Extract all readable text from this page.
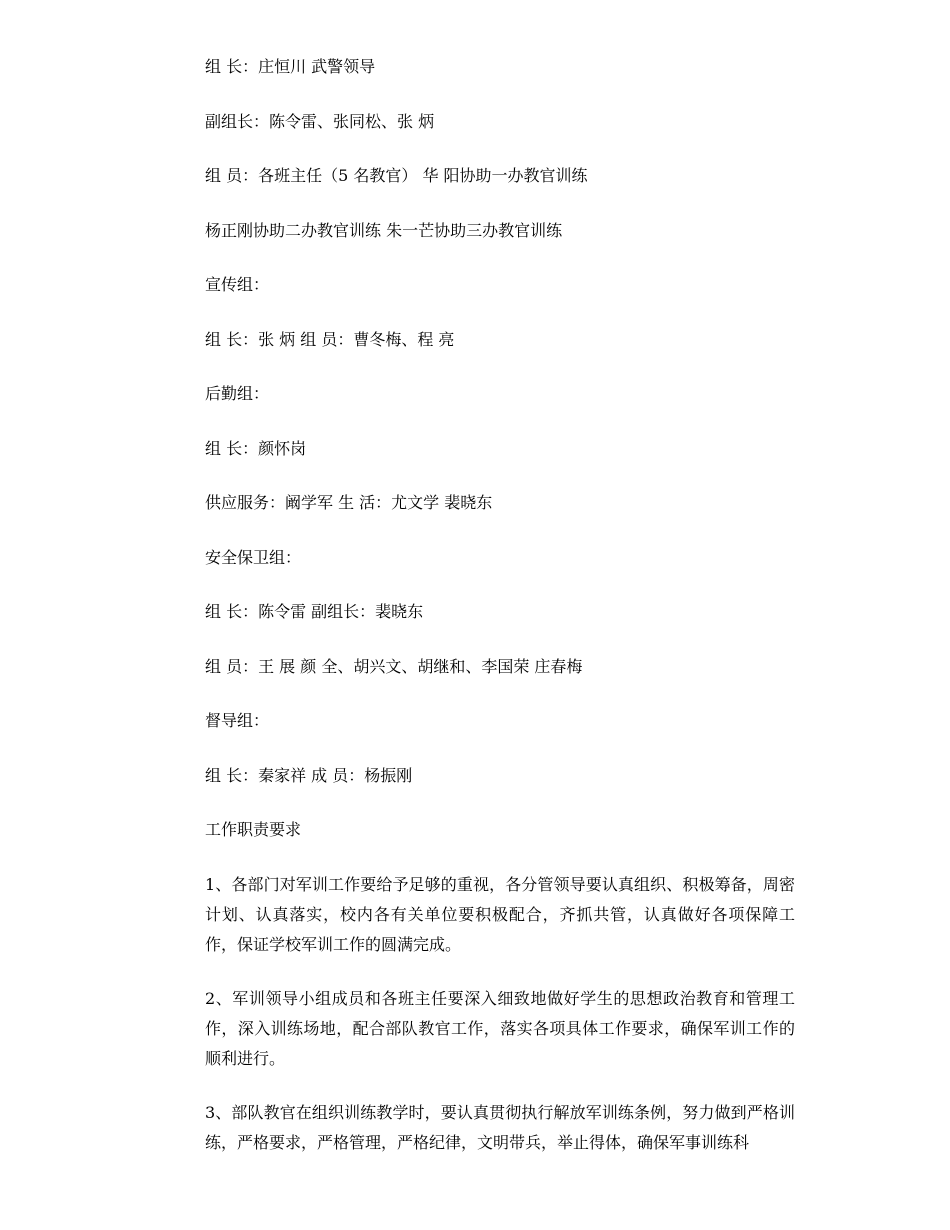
组 长：庄恒川 武警领导
副组长：陈令雷、张同松、张 炳
组 员：各班主任（5 名教官） 华 阳协助一办教官训练
杨正刚协助二办教官训练 朱一芒协助三办教官训练
宣传组：
组 长：张 炳 组 员：曹冬梅、程 亮
后勤组：
组 长：颜怀岗
供应服务：阚学军 生 活：尤文学 裴晓东
安全保卫组：
组 长：陈令雷 副组长：裴晓东
组 员：王 展 颜 全、胡兴文、胡继和、李国荣 庄春梅
督导组：
组 长：秦家祥 成 员：杨振刚
工作职责要求

1、各部门对军训工作要给予足够的重视，各分管领导要认真组织、积极筹备，周密计划、认真落实，校内各有关单位要积极配合，齐抓共管，认真做好各项保障工作，保证学校军训工作的圆满完成。

2、军训领导小组成员和各班主任要深入细致地做好学生的思想政治教育和管理工作，深入训练场地，配合部队教官工作，落实各项具体工作要求，确保军训工作的顺利进行。

3、部队教官在组织训练教学时，要认真贯彻执行解放军训练条例，努力做到严格训练，严格要求，严格管理，严格纪律，文明带兵，举止得体，确保军事训练科
